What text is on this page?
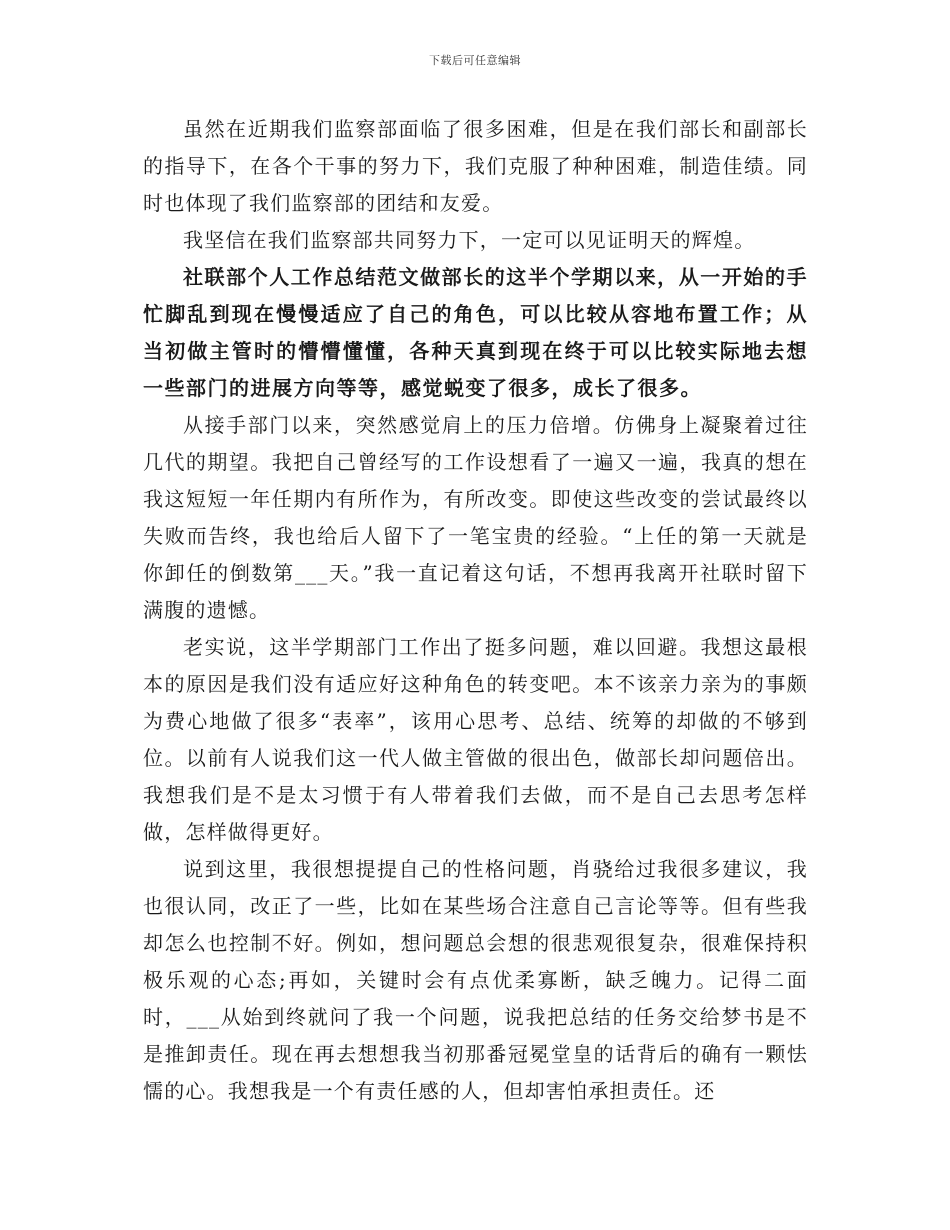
下载后可任意编辑

虽然在近期我们监察部面临了很多困难，但是在我们部长和副部长的指导下，在各个干事的努力下，我们克服了种种困难，制造佳绩。同时也体现了我们监察部的团结和友爱。

我坚信在我们监察部共同努力下，一定可以见证明天的辉煌。

社联部个人工作总结范文做部长的这半个学期以来，从一开始的手忙脚乱到现在慢慢适应了自己的角色，可以比较从容地布置工作；从当初做主管时的懵懵懂懂，各种天真到现在终于可以比较实际地去想一些部门的进展方向等等，感觉蜕变了很多，成长了很多。

从接手部门以来，突然感觉肩上的压力倍增。仿佛身上凝聚着过往几代的期望。我把自己曾经写的工作设想看了一遍又一遍，我真的想在我这短短一年任期内有所作为，有所改变。即使这些改变的尝试最终以失败而告终，我也给后人留下了一笔宝贵的经验。“上任的第一天就是你卸任的倒数第___天。”我一直记着这句话，不想再我离开社联时留下满腹的遗憾。

老实说，这半学期部门工作出了挺多问题，难以回避。我想这最根本的原因是我们没有适应好这种角色的转变吧。本不该亲力亲为的事颇为费心地做了很多“表率”，该用心思考、总结、统筹的却做的不够到位。以前有人说我们这一代人做主管做的很出色，做部长却问题倍出。我想我们是不是太习惯于有人带着我们去做，而不是自己去思考怎样做，怎样做得更好。

说到这里，我很想提提自己的性格问题，肖骁给过我很多建议，我也很认同，改正了一些，比如在某些场合注意自己言论等等。但有些我却怎么也控制不好。例如，想问题总会想的很悲观很复杂，很难保持积极乐观的心态;再如，关键时会有点优柔寡断，缺乏魄力。记得二面时，___从始到终就问了我一个问题，说我把总结的任务交给梦书是不是推卸责任。现在再去想想我当初那番冠冕堂皇的话背后的确有一颗怯懦的心。我想我是一个有责任感的人，但却害怕承担责任。还
